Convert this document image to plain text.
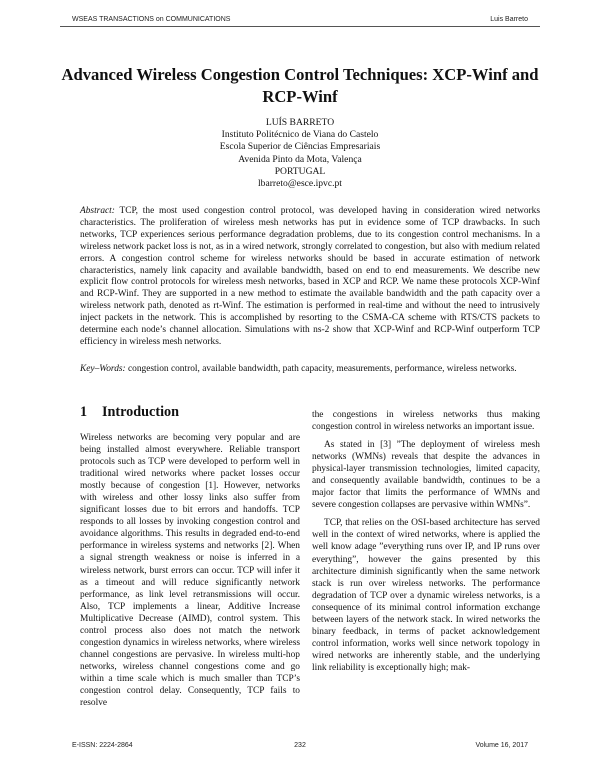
WSEAS TRANSACTIONS on COMMUNICATIONS	Luis Barreto
Advanced Wireless Congestion Control Techniques: XCP-Winf and RCP-Winf
LUÍS BARRETO
Instituto Politécnico de Viana do Castelo
Escola Superior de Ciências Empresariais
Avenida Pinto da Mota, Valença
PORTUGAL
lbarreto@esce.ipvc.pt
Abstract: TCP, the most used congestion control protocol, was developed having in consideration wired networks characteristics. The proliferation of wireless mesh networks has put in evidence some of TCP drawbacks. In such networks, TCP experiences serious performance degradation problems, due to its congestion control mechanisms. In a wireless network packet loss is not, as in a wired network, strongly correlated to congestion, but also with medium related errors. A congestion control scheme for wireless networks should be based in accurate estimation of network characteristics, namely link capacity and available bandwidth, based on end to end measurements. We describe new explicit flow control protocols for wireless mesh networks, based in XCP and RCP. We name these protocols XCP-Winf and RCP-Winf. They are supported in a new method to estimate the available bandwidth and the path capacity over a wireless network path, denoted as rt-Winf. The estimation is performed in real-time and without the need to intrusively inject packets in the network. This is accomplished by resorting to the CSMA-CA scheme with RTS/CTS packets to determine each node’s channel allocation. Simulations with ns-2 show that XCP-Winf and RCP-Winf outperform TCP efficiency in wireless mesh networks.
Key–Words: congestion control, available bandwidth, path capacity, measurements, performance, wireless networks.
1 Introduction

Wireless networks are becoming very popular and are being installed almost everywhere. Reliable transport protocols such as TCP were developed to perform well in traditional wired networks where packet losses occur mostly because of congestion [1]. However, networks with wireless and other lossy links also suffer from significant losses due to bit errors and handoffs. TCP responds to all losses by invoking congestion control and avoidance algorithms. This results in degraded end-to-end performance in wireless systems and networks [2]. When a signal strength weakness or noise is inferred in a wireless network, burst errors can occur. TCP will infer it as a timeout and will reduce significantly network performance, as link level retransmissions will occur. Also, TCP implements a linear, Additive Increase Multiplicative Decrease (AIMD), control system. This control process also does not match the network congestion dynamics in wireless networks, where wireless channel congestions are pervasive. In wireless multi-hop networks, wireless channel congestions come and go within a time scale which is much smaller than TCP’s congestion control delay. Consequently, TCP fails to resolve

the congestions in wireless networks thus making congestion control in wireless networks an important issue.

As stated in [3] ”The deployment of wireless mesh networks (WMNs) reveals that despite the advances in physical-layer transmission technologies, limited capacity, and consequently available bandwidth, continues to be a major factor that limits the performance of WMNs and severe congestion collapses are pervasive within WMNs”.

TCP, that relies on the OSI-based architecture has served well in the context of wired networks, where is applied the well know adage ”everything runs over IP, and IP runs over everything”, however the gains presented by this architecture diminish significantly when the same network stack is run over wireless networks. The performance degradation of TCP over a dynamic wireless networks, is a consequence of its minimal control information exchange between layers of the network stack. In wired networks the binary feedback, in terms of packet acknowledgement control information, works well since network topology in wired networks are inherently stable, and the underlying link reliability is exceptionally high; mak-

E-ISSN: 2224-2864	232	Volume 16, 2017
